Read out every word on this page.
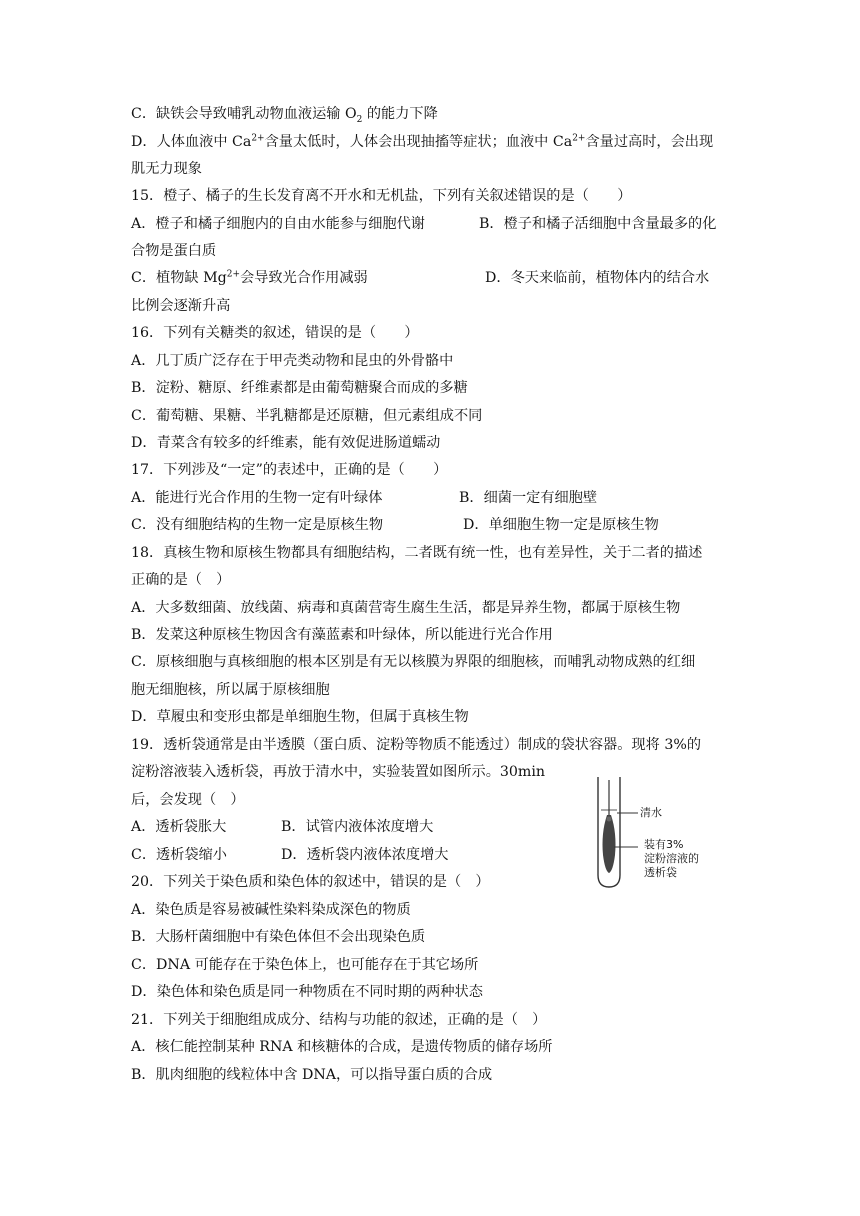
C．缺铁会导致哺乳动物血液运输 $O_2$ 的能力下降
D．人体血液中 $Ca^{2+}$含量太低时，人体会出现抽搐等症状；血液中 $Ca^{2+}$含量过高时，会出现
肌无力现象
15．橙子、橘子的生长发育离不开水和无机盐，下列有关叙述错误的是（　　）
A．橙子和橘子细胞内的自由水能参与细胞代谢	B．橙子和橘子活细胞中含量最多的化
合物是蛋白质
C．植物缺 $Mg^{2+}$会导致光合作用减弱	D．冬天来临前，植物体内的结合水
比例会逐渐升高
16．下列有关糖类的叙述，错误的是（　　）
A．几丁质广泛存在于甲壳类动物和昆虫的外骨骼中
B．淀粉、糖原、纤维素都是由葡萄糖聚合而成的多糖
C．葡萄糖、果糖、半乳糖都是还原糖，但元素组成不同
D．青菜含有较多的纤维素，能有效促进肠道蠕动
17．下列涉及“一定”的表述中，正确的是（　　）
A．能进行光合作用的生物一定有叶绿体	B．细菌一定有细胞壁
C．没有细胞结构的生物一定是原核生物	D．单细胞生物一定是原核生物
18．真核生物和原核生物都具有细胞结构，二者既有统一性，也有差异性，关于二者的描述
正确的是（　）
A．大多数细菌、放线菌、病毒和真菌营寄生腐生生活，都是异养生物，都属于原核生物
B．发菜这种原核生物因含有藻蓝素和叶绿体，所以能进行光合作用
C．原核细胞与真核细胞的根本区别是有无以核膜为界限的细胞核，而哺乳动物成熟的红细
胞无细胞核，所以属于原核细胞
D．草履虫和变形虫都是单细胞生物，但属于真核生物
19．透析袋通常是由半透膜（蛋白质、淀粉等物质不能透过）制成的袋状容器。现将 3%的
淀粉溶液装入透析袋，再放于清水中，实验装置如图所示。30min
后，会发现（　）
A．透析袋胀大	B．试管内液体浓度增大
C．透析袋缩小	D．透析袋内液体浓度增大
清水
装有3%
淀粉溶液的
透析袋
20．下列关于染色质和染色体的叙述中，错误的是（　）
A．染色质是容易被碱性染料染成深色的物质
B．大肠杆菌细胞中有染色体但不会出现染色质
C．DNA 可能存在于染色体上，也可能存在于其它场所
D．染色体和染色质是同一种物质在不同时期的两种状态
21．下列关于细胞组成成分、结构与功能的叙述，正确的是（　）
A．核仁能控制某种 RNA 和核糖体的合成，是遗传物质的储存场所
B．肌肉细胞的线粒体中含 DNA，可以指导蛋白质的合成
